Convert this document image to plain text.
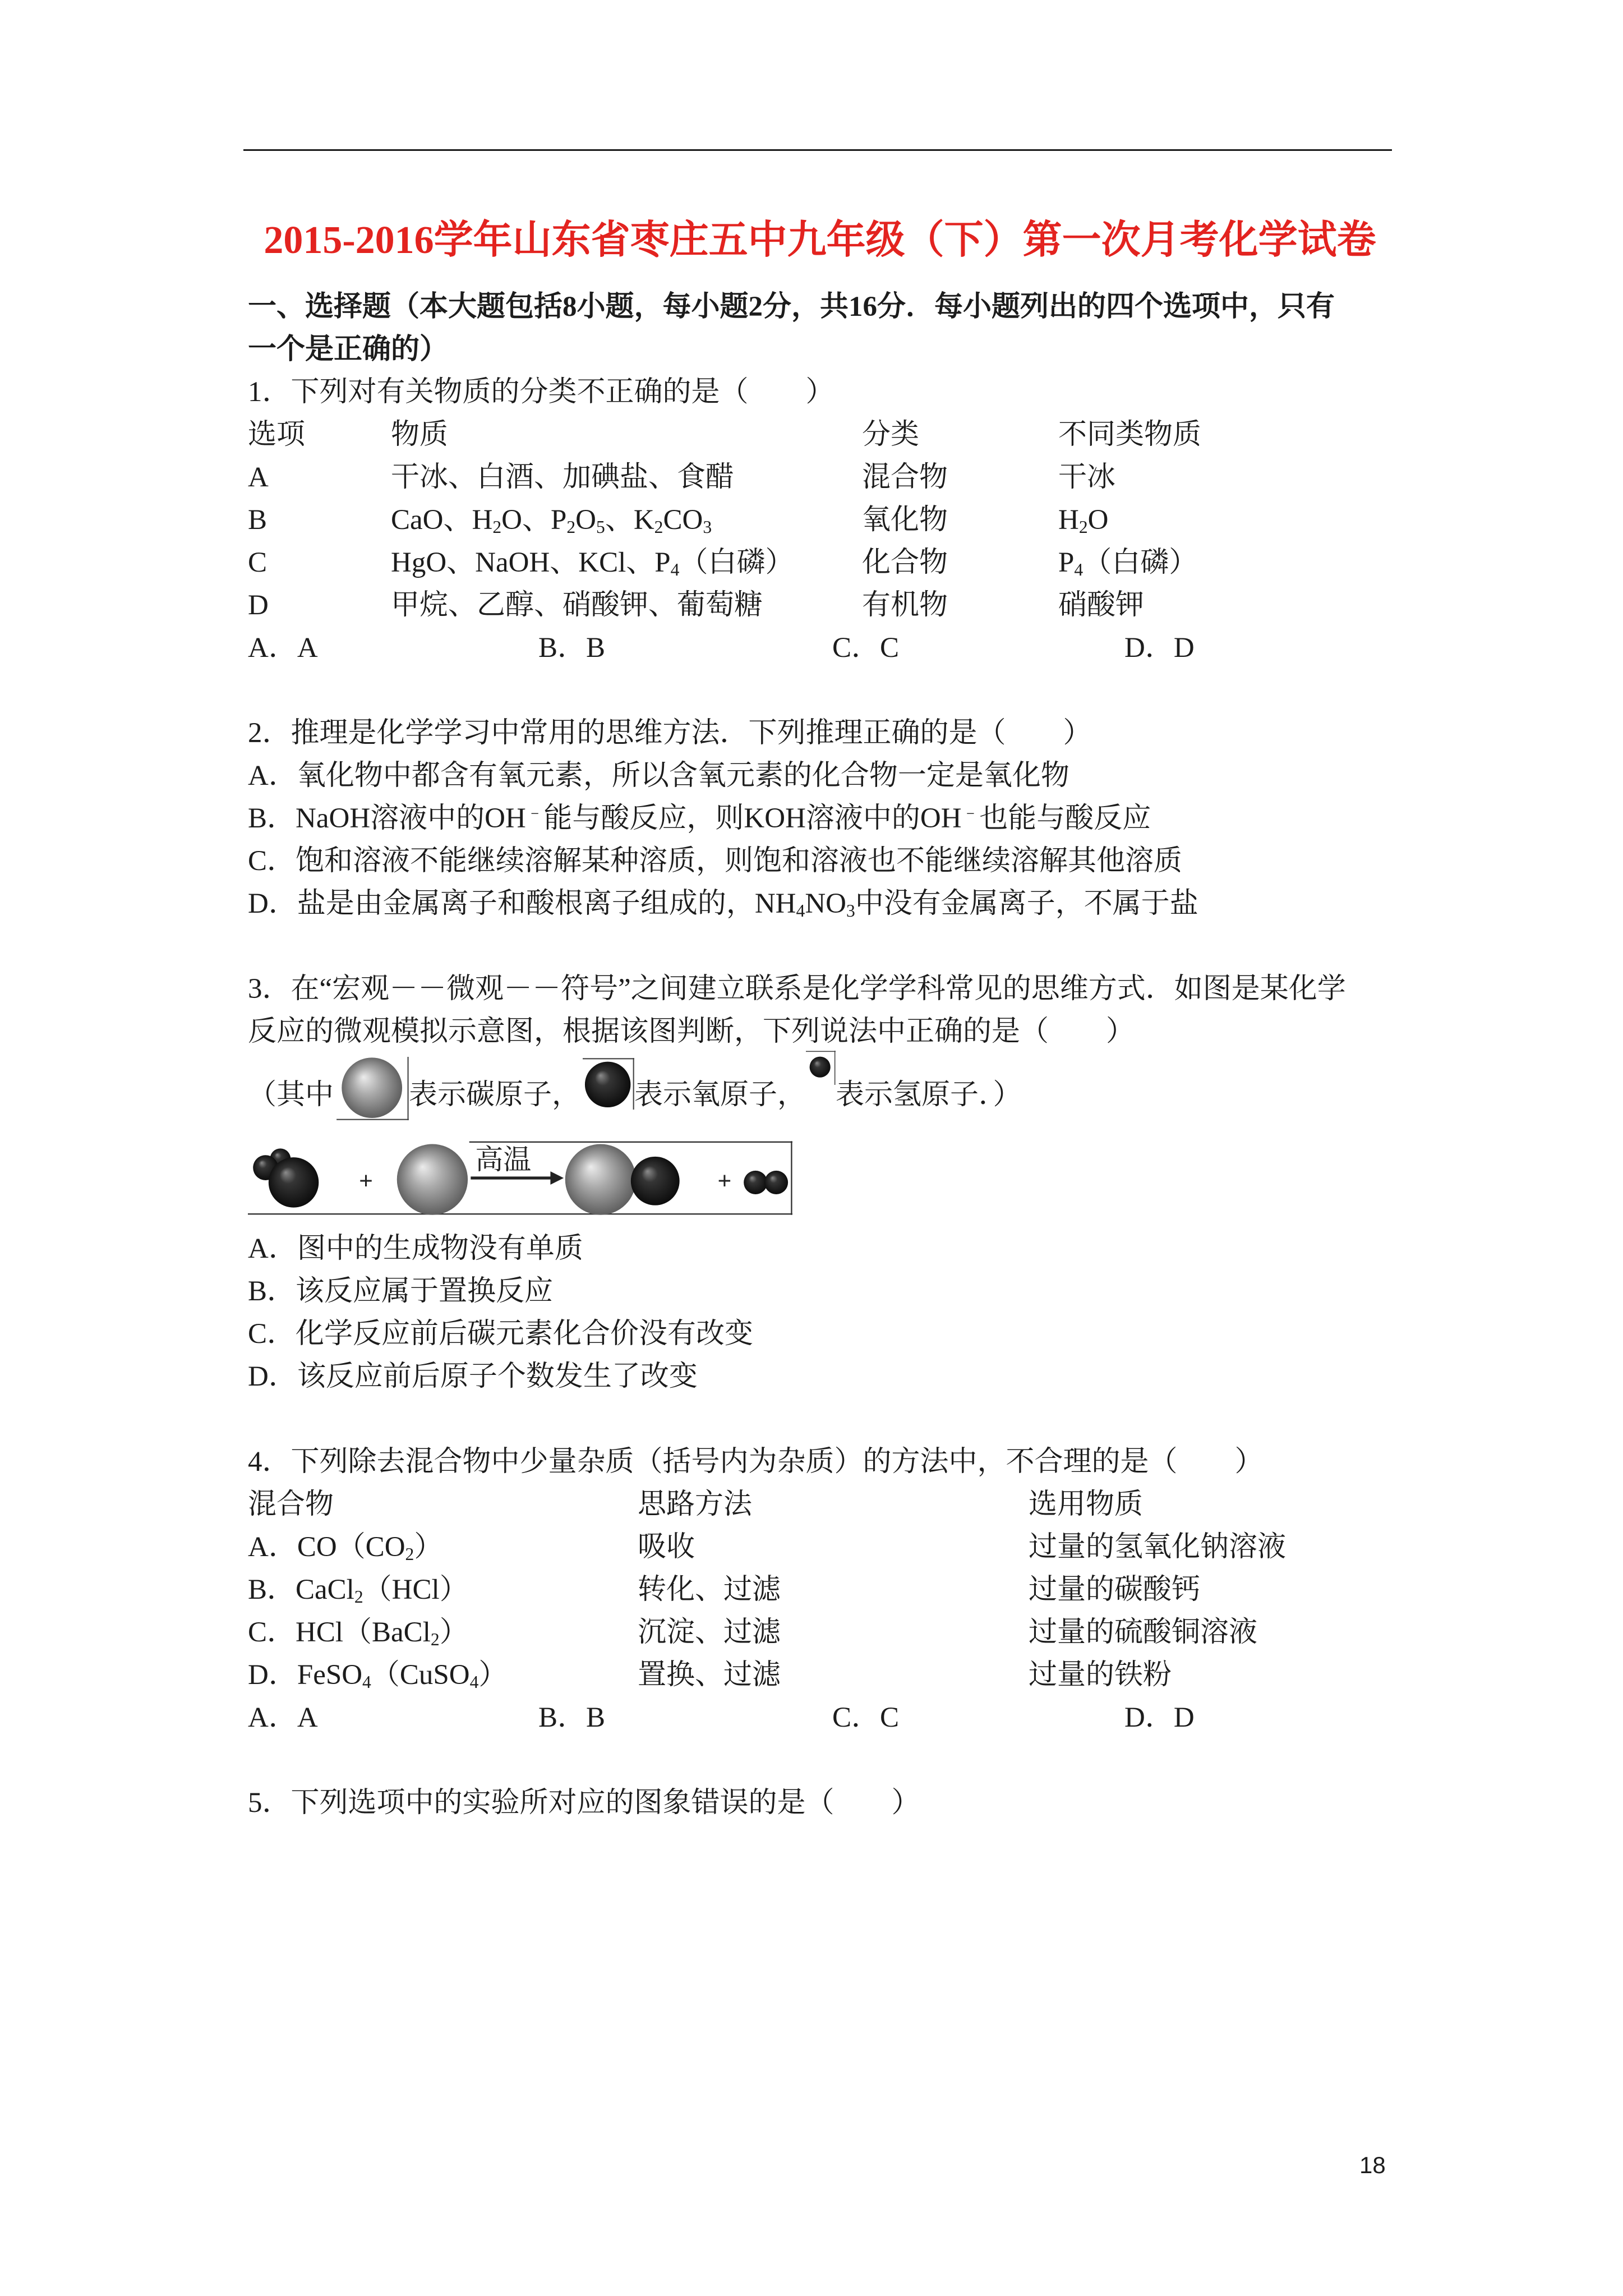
2015-2016学年山东省枣庄五中九年级（下）第一次月考化学试卷
一、选择题（本大题包括8小题，每小题2分，共16分．每小题列出的四个选项中，只有
一个是正确的）
1．下列对有关物质的分类不正确的是（　　）
选项	物质	分类	不同类物质
A	干冰、白酒、加碘盐、食醋	混合物	干冰
B	CaO、$H_2O$、$P_2O_5$、$K_2CO_3$	氧化物	$H_2O$
C	HgO、NaOH、KCl、$P_4$（白磷）	化合物	$P_4$（白磷）
D	甲烷、乙醇、硝酸钾、葡萄糖	有机物	硝酸钾
A．A	B．B	C．C	D．D
2．推理是化学学习中常用的思维方法．下列推理正确的是（　　）
A．氧化物中都含有氧元素，所以含氧元素的化合物一定是氧化物
B．NaOH溶液中的OH﹣能与酸反应，则KOH溶液中的OH﹣也能与酸反应
C．饱和溶液不能继续溶解某种溶质，则饱和溶液也不能继续溶解其他溶质
D．盐是由金属离子和酸根离子组成的，$NH_4NO_3$中没有金属离子，不属于盐
3．在“宏观－－微观－－符号”之间建立联系是化学学科常见的思维方式．如图是某化学
反应的微观模拟示意图，根据该图判断，下列说法中正确的是（　　）
（其中	表示碳原子， 表示氧原子， 表示氢原子．）
+
高温
+
A．图中的生成物没有单质
B．该反应属于置换反应
C．化学反应前后碳元素化合价没有改变
D．该反应前后原子个数发生了改变
4．下列除去混合物中少量杂质（括号内为杂质）的方法中，不合理的是（　　）
混合物	思路方法	选用物质
A．$CO(CO_2)$	吸收	过量的氢氧化钠溶液
B．CaCl$_2$（HCl）	转化、过滤	过量的碳酸钙
C．HCl（BaCl$_2$）	沉淀、过滤	过量的硫酸铜溶液
D．FeSO$_4$（CuSO$_4$）	置换、过滤	过量的铁粉
A．A	B．B	C．C	D．D
5．下列选项中的实验所对应的图象错误的是（　　）
18
